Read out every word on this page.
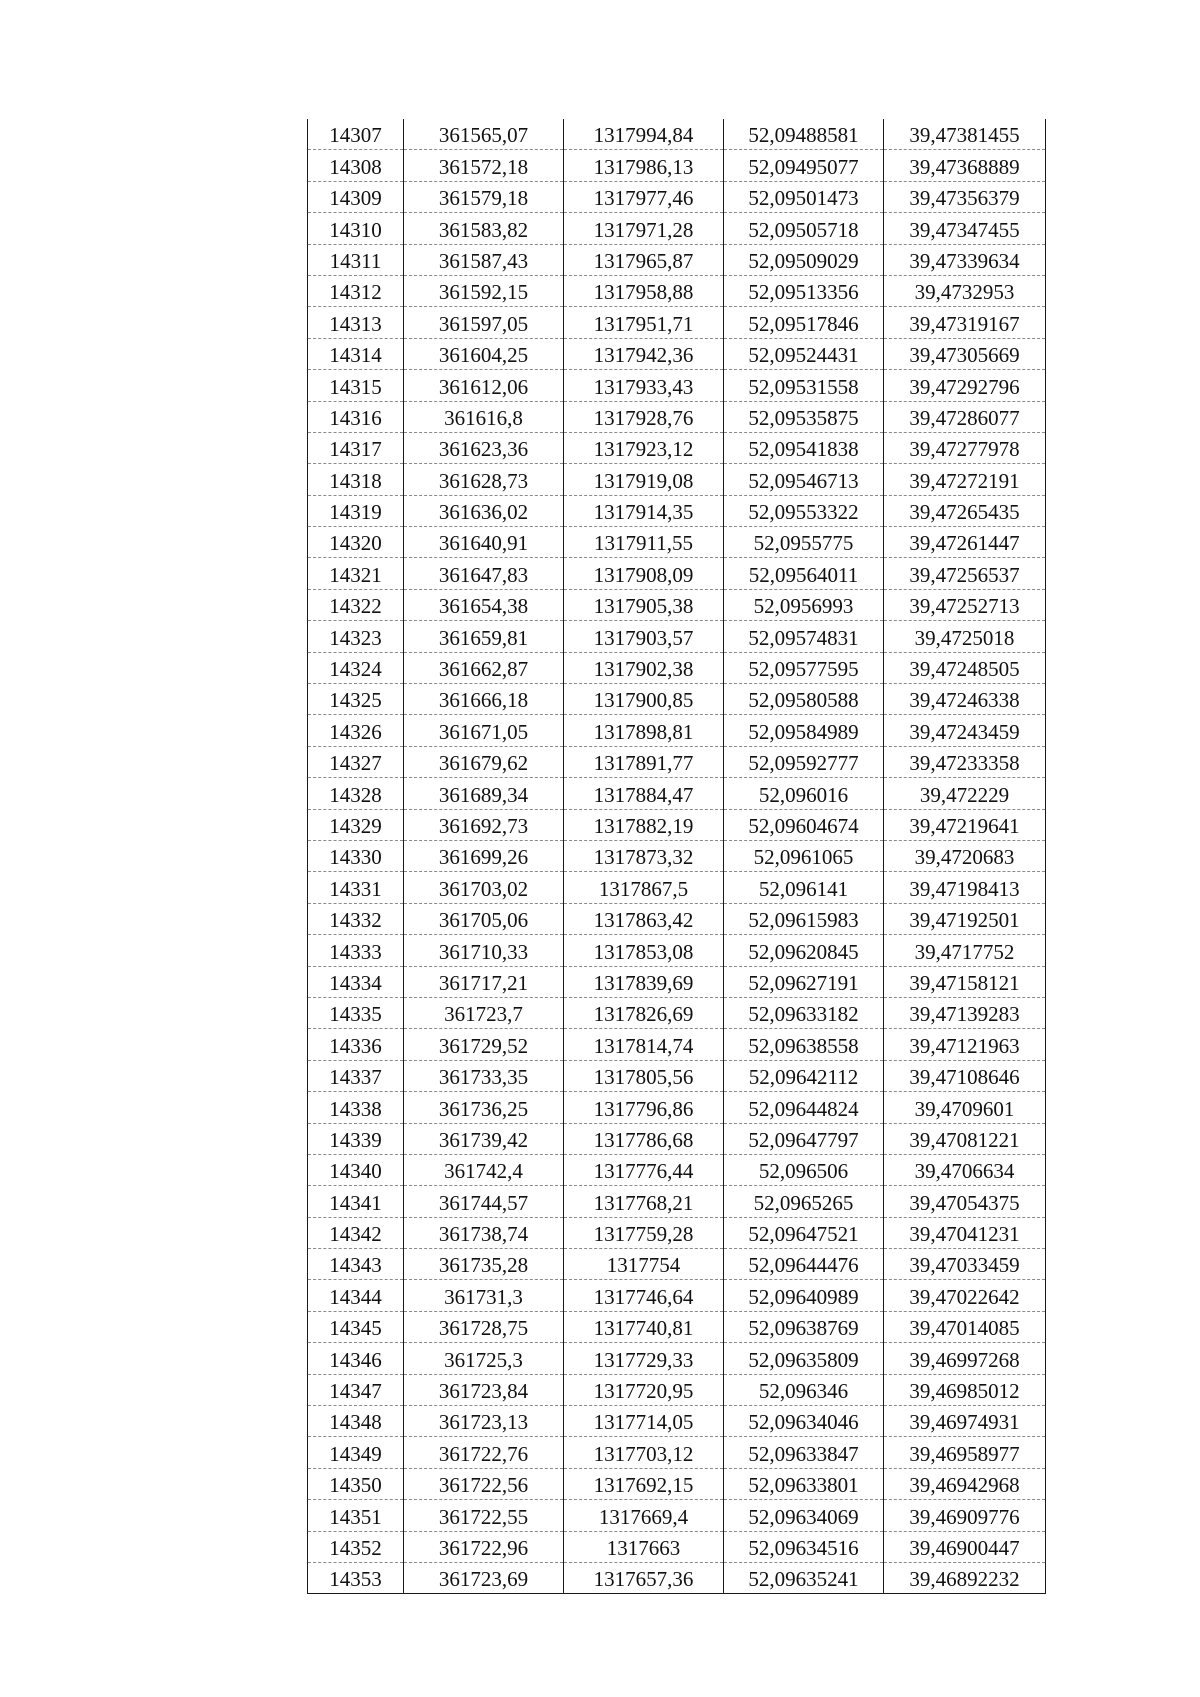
14307	361565,07	1317994,84	52,09488581	39,47381455
14308	361572,18	1317986,13	52,09495077	39,47368889
14309	361579,18	1317977,46	52,09501473	39,47356379
14310	361583,82	1317971,28	52,09505718	39,47347455
14311	361587,43	1317965,87	52,09509029	39,47339634
14312	361592,15	1317958,88	52,09513356	39,4732953
14313	361597,05	1317951,71	52,09517846	39,47319167
14314	361604,25	1317942,36	52,09524431	39,47305669
14315	361612,06	1317933,43	52,09531558	39,47292796
14316	361616,8	1317928,76	52,09535875	39,47286077
14317	361623,36	1317923,12	52,09541838	39,47277978
14318	361628,73	1317919,08	52,09546713	39,47272191
14319	361636,02	1317914,35	52,09553322	39,47265435
14320	361640,91	1317911,55	52,0955775	39,47261447
14321	361647,83	1317908,09	52,09564011	39,47256537
14322	361654,38	1317905,38	52,0956993	39,47252713
14323	361659,81	1317903,57	52,09574831	39,4725018
14324	361662,87	1317902,38	52,09577595	39,47248505
14325	361666,18	1317900,85	52,09580588	39,47246338
14326	361671,05	1317898,81	52,09584989	39,47243459
14327	361679,62	1317891,77	52,09592777	39,47233358
14328	361689,34	1317884,47	52,096016	39,472229
14329	361692,73	1317882,19	52,09604674	39,47219641
14330	361699,26	1317873,32	52,0961065	39,4720683
14331	361703,02	1317867,5	52,096141	39,47198413
14332	361705,06	1317863,42	52,09615983	39,47192501
14333	361710,33	1317853,08	52,09620845	39,4717752
14334	361717,21	1317839,69	52,09627191	39,47158121
14335	361723,7	1317826,69	52,09633182	39,47139283
14336	361729,52	1317814,74	52,09638558	39,47121963
14337	361733,35	1317805,56	52,09642112	39,47108646
14338	361736,25	1317796,86	52,09644824	39,4709601
14339	361739,42	1317786,68	52,09647797	39,47081221
14340	361742,4	1317776,44	52,096506	39,4706634
14341	361744,57	1317768,21	52,0965265	39,47054375
14342	361738,74	1317759,28	52,09647521	39,47041231
14343	361735,28	1317754	52,09644476	39,47033459
14344	361731,3	1317746,64	52,09640989	39,47022642
14345	361728,75	1317740,81	52,09638769	39,47014085
14346	361725,3	1317729,33	52,09635809	39,46997268
14347	361723,84	1317720,95	52,096346	39,46985012
14348	361723,13	1317714,05	52,09634046	39,46974931
14349	361722,76	1317703,12	52,09633847	39,46958977
14350	361722,56	1317692,15	52,09633801	39,46942968
14351	361722,55	1317669,4	52,09634069	39,46909776
14352	361722,96	1317663	52,09634516	39,46900447
14353	361723,69	1317657,36	52,09635241	39,46892232
